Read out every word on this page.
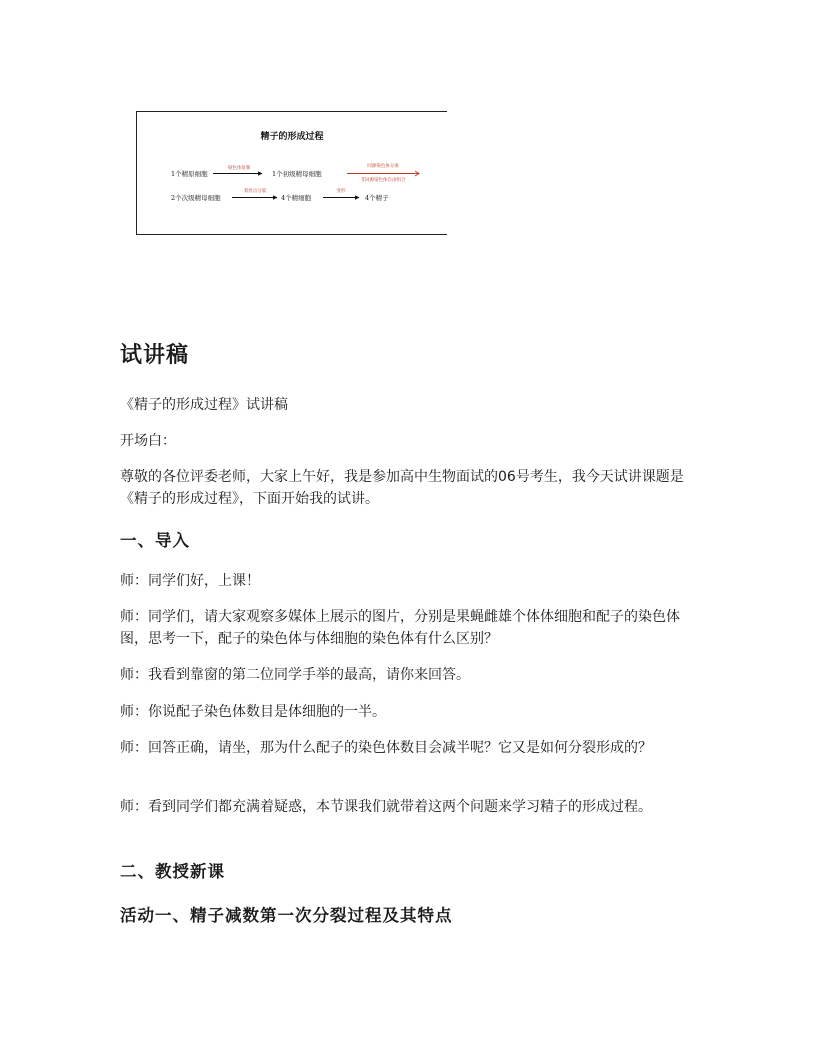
精子的形成过程
1个精原细胞
染色体复制
1个初级精母细胞
同源染色体分离
非同源染色体自由组合
2个次级精母细胞
着丝点分裂
4个精细胞
变形
4个精子
试讲稿

《精子的形成过程》试讲稿

开场白：

尊敬的各位评委老师，大家上午好，我是参加高中生物面试的06号考生，我今天试讲课题是《精子的形成过程》，下面开始我的试讲。

一、导入

师：同学们好，上课！

师：同学们，请大家观察多媒体上展示的图片，分别是果蝇雌雄个体体细胞和配子的染色体图，思考一下，配子的染色体与体细胞的染色体有什么区别？

师：我看到靠窗的第二位同学手举的最高，请你来回答。

师：你说配子染色体数目是体细胞的一半。

师：回答正确，请坐，那为什么配子的染色体数目会减半呢？它又是如何分裂形成的？

师：看到同学们都充满着疑惑，本节课我们就带着这两个问题来学习精子的形成过程。

二、教授新课
活动一、精子减数第一次分裂过程及其特点
